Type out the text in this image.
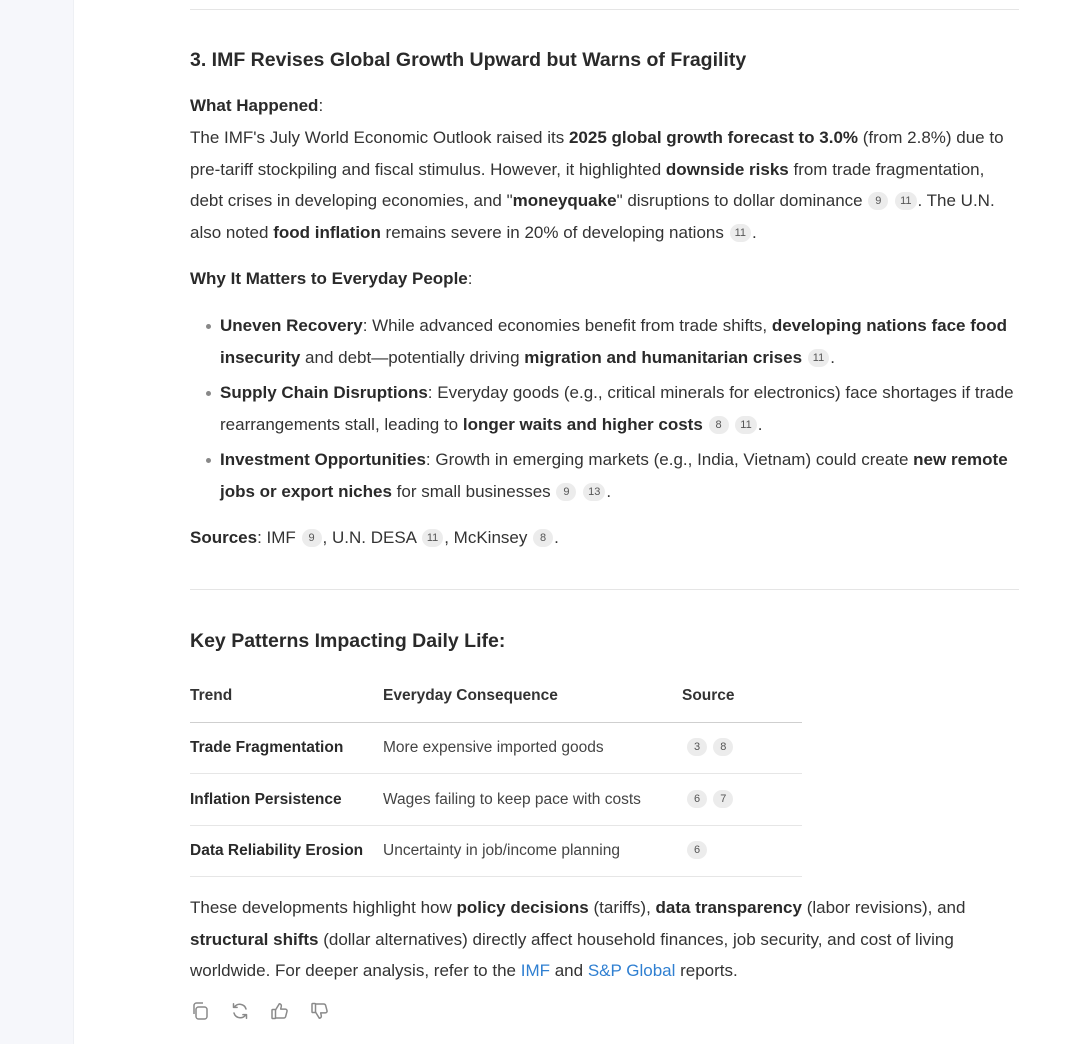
3. IMF Revises Global Growth Upward but Warns of Fragility

What Happened:

The IMF's July World Economic Outlook raised its 2025 global growth forecast to 3.0% (from 2.8%) due to pre-tariff stockpiling and fiscal stimulus. However, it highlighted downside risks from trade fragmentation, debt crises in developing economies, and "moneyquake" disruptions to dollar dominance 9 11 . The U.N. also noted food inflation remains severe in 20% of developing nations 11 .

Why It Matters to Everyday People:

Uneven Recovery: While advanced economies benefit from trade shifts, developing nations face food insecurity and debt—potentially driving migration and humanitarian crises 11 .
Supply Chain Disruptions: Everyday goods (e.g., critical minerals for electronics) face shortages if trade rearrangements stall, leading to longer waits and higher costs 8 11 .
Investment Opportunities: Growth in emerging markets (e.g., India, Vietnam) could create new remote jobs or export niches for small businesses 9 13 .

Sources: IMF 9 , U.N. DESA 11 , McKinsey 8 .

Key Patterns Impacting Daily Life:
Trend	Everyday Consequence	Source
Trade Fragmentation	More expensive imported goods	3 8
Inflation Persistence	Wages failing to keep pace with costs	6 7
Data Reliability Erosion	Uncertainty in job/income planning	6

These developments highlight how policy decisions (tariffs), data transparency (labor revisions), and structural shifts (dollar alternatives) directly affect household finances, job security, and cost of living worldwide. For deeper analysis, refer to the IMF and S&P Global reports.
